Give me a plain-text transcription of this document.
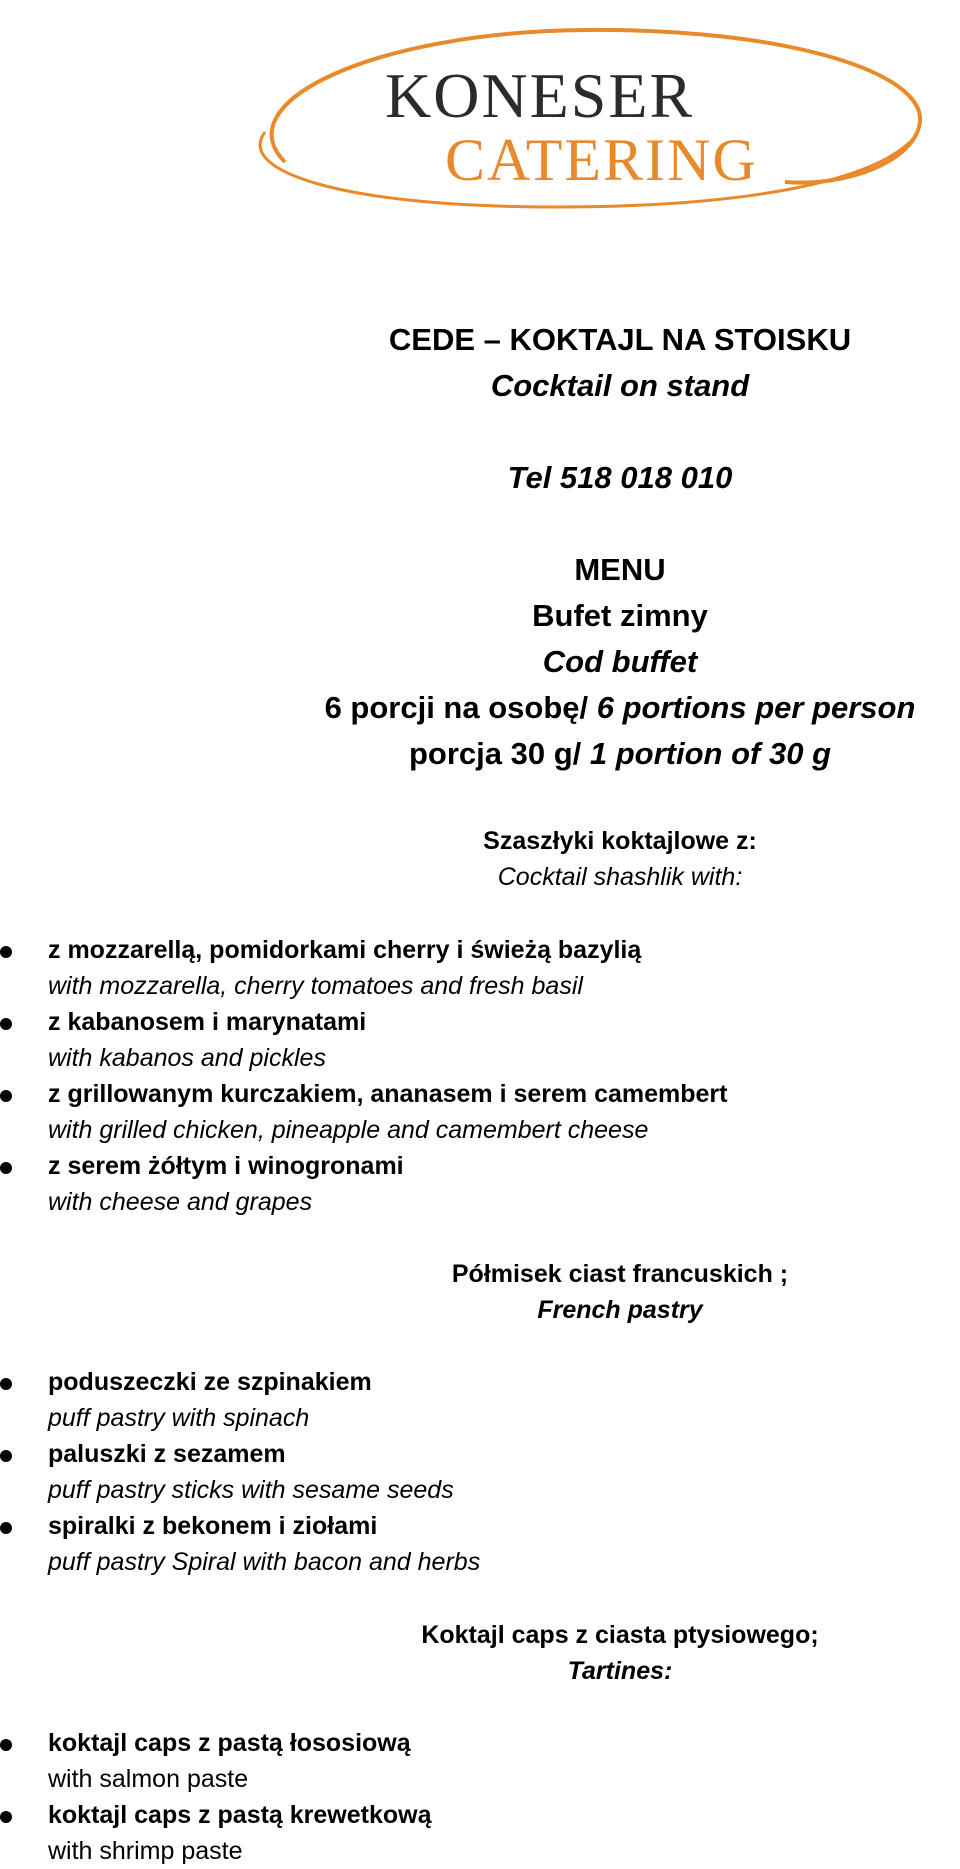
KONESER
CATERING
CEDE – KOKTAJL NA STOISKU
Cocktail on stand
Tel 518 018 010
MENU
Bufet zimny
Cod buffet
6 porcji na osobę/ 6 portions per person
porcja 30 g/ 1 portion of 30 g
Szaszłyki koktajlowe z:
Cocktail shashlik with:
z mozzarellą, pomidorkami cherry i świeżą bazylią
with mozzarella, cherry tomatoes and fresh basil
z kabanosem i marynatami
with kabanos and pickles
z grillowanym kurczakiem, ananasem i serem camembert
with grilled chicken, pineapple and camembert cheese
z serem żółtym i winogronami
with cheese and grapes
Półmisek ciast francuskich ;
French pastry
poduszeczki ze szpinakiem
puff pastry with spinach
paluszki z sezamem
puff pastry sticks with sesame seeds
spiralki z bekonem i ziołami
puff pastry Spiral with bacon and herbs
Koktajl caps z ciasta ptysiowego;
Tartines:
koktajl caps z pastą łososiową
with salmon paste
koktajl caps z pastą krewetkową
with shrimp paste
